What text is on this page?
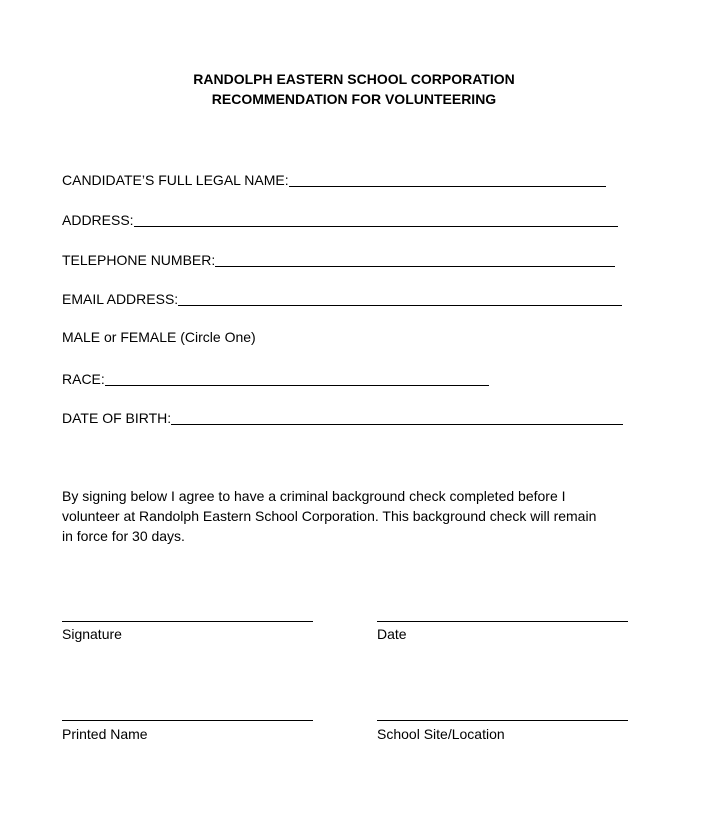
RANDOLPH EASTERN SCHOOL CORPORATION
RECOMMENDATION FOR VOLUNTEERING
CANDIDATE’S FULL LEGAL NAME:
ADDRESS:
TELEPHONE NUMBER:
EMAIL ADDRESS:
MALE or FEMALE (Circle One)
RACE:
DATE OF BIRTH:
By signing below I agree to have a criminal background check completed before I
volunteer at Randolph Eastern School Corporation. This background check will remain
in force for 30 days.
Signature	Date
Printed Name	School Site/Location
